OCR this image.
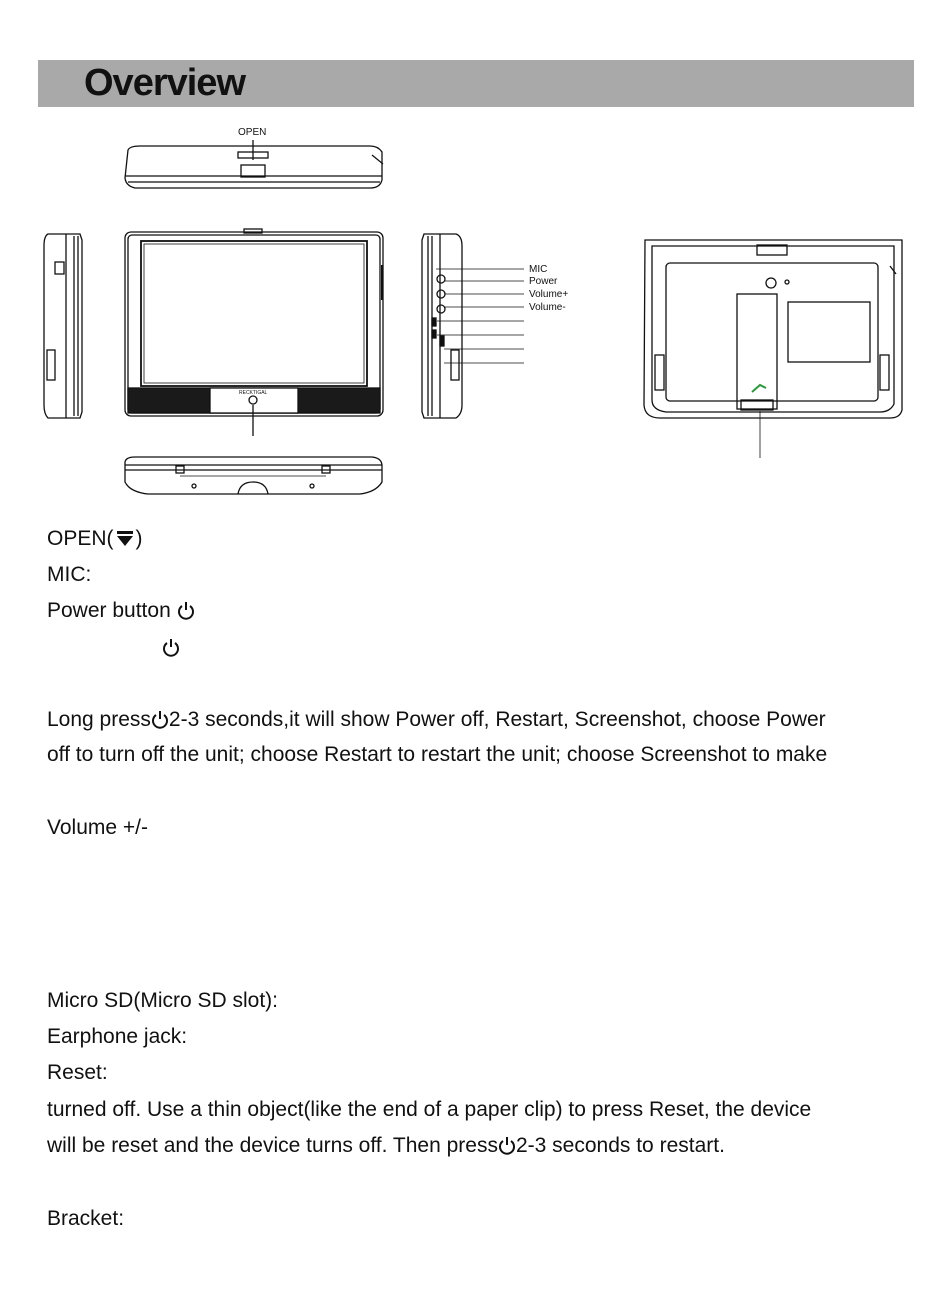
Overview
OPEN
RECKTIGAL
MIC
Power
Volume+
Volume-
OPEN( )
MIC:
Power button
Long press 2-3 seconds,it will show Power off, Restart, Screenshot, choose Power
off to turn off the unit; choose Restart to restart the unit; choose Screenshot to make
Volume +/-
Micro SD(Micro SD slot):
Earphone jack:
Reset:
turned off. Use a thin object(like the end of a paper clip) to press Reset, the device
will be reset and the device turns off. Then press 2-3 seconds to restart.
Bracket:
